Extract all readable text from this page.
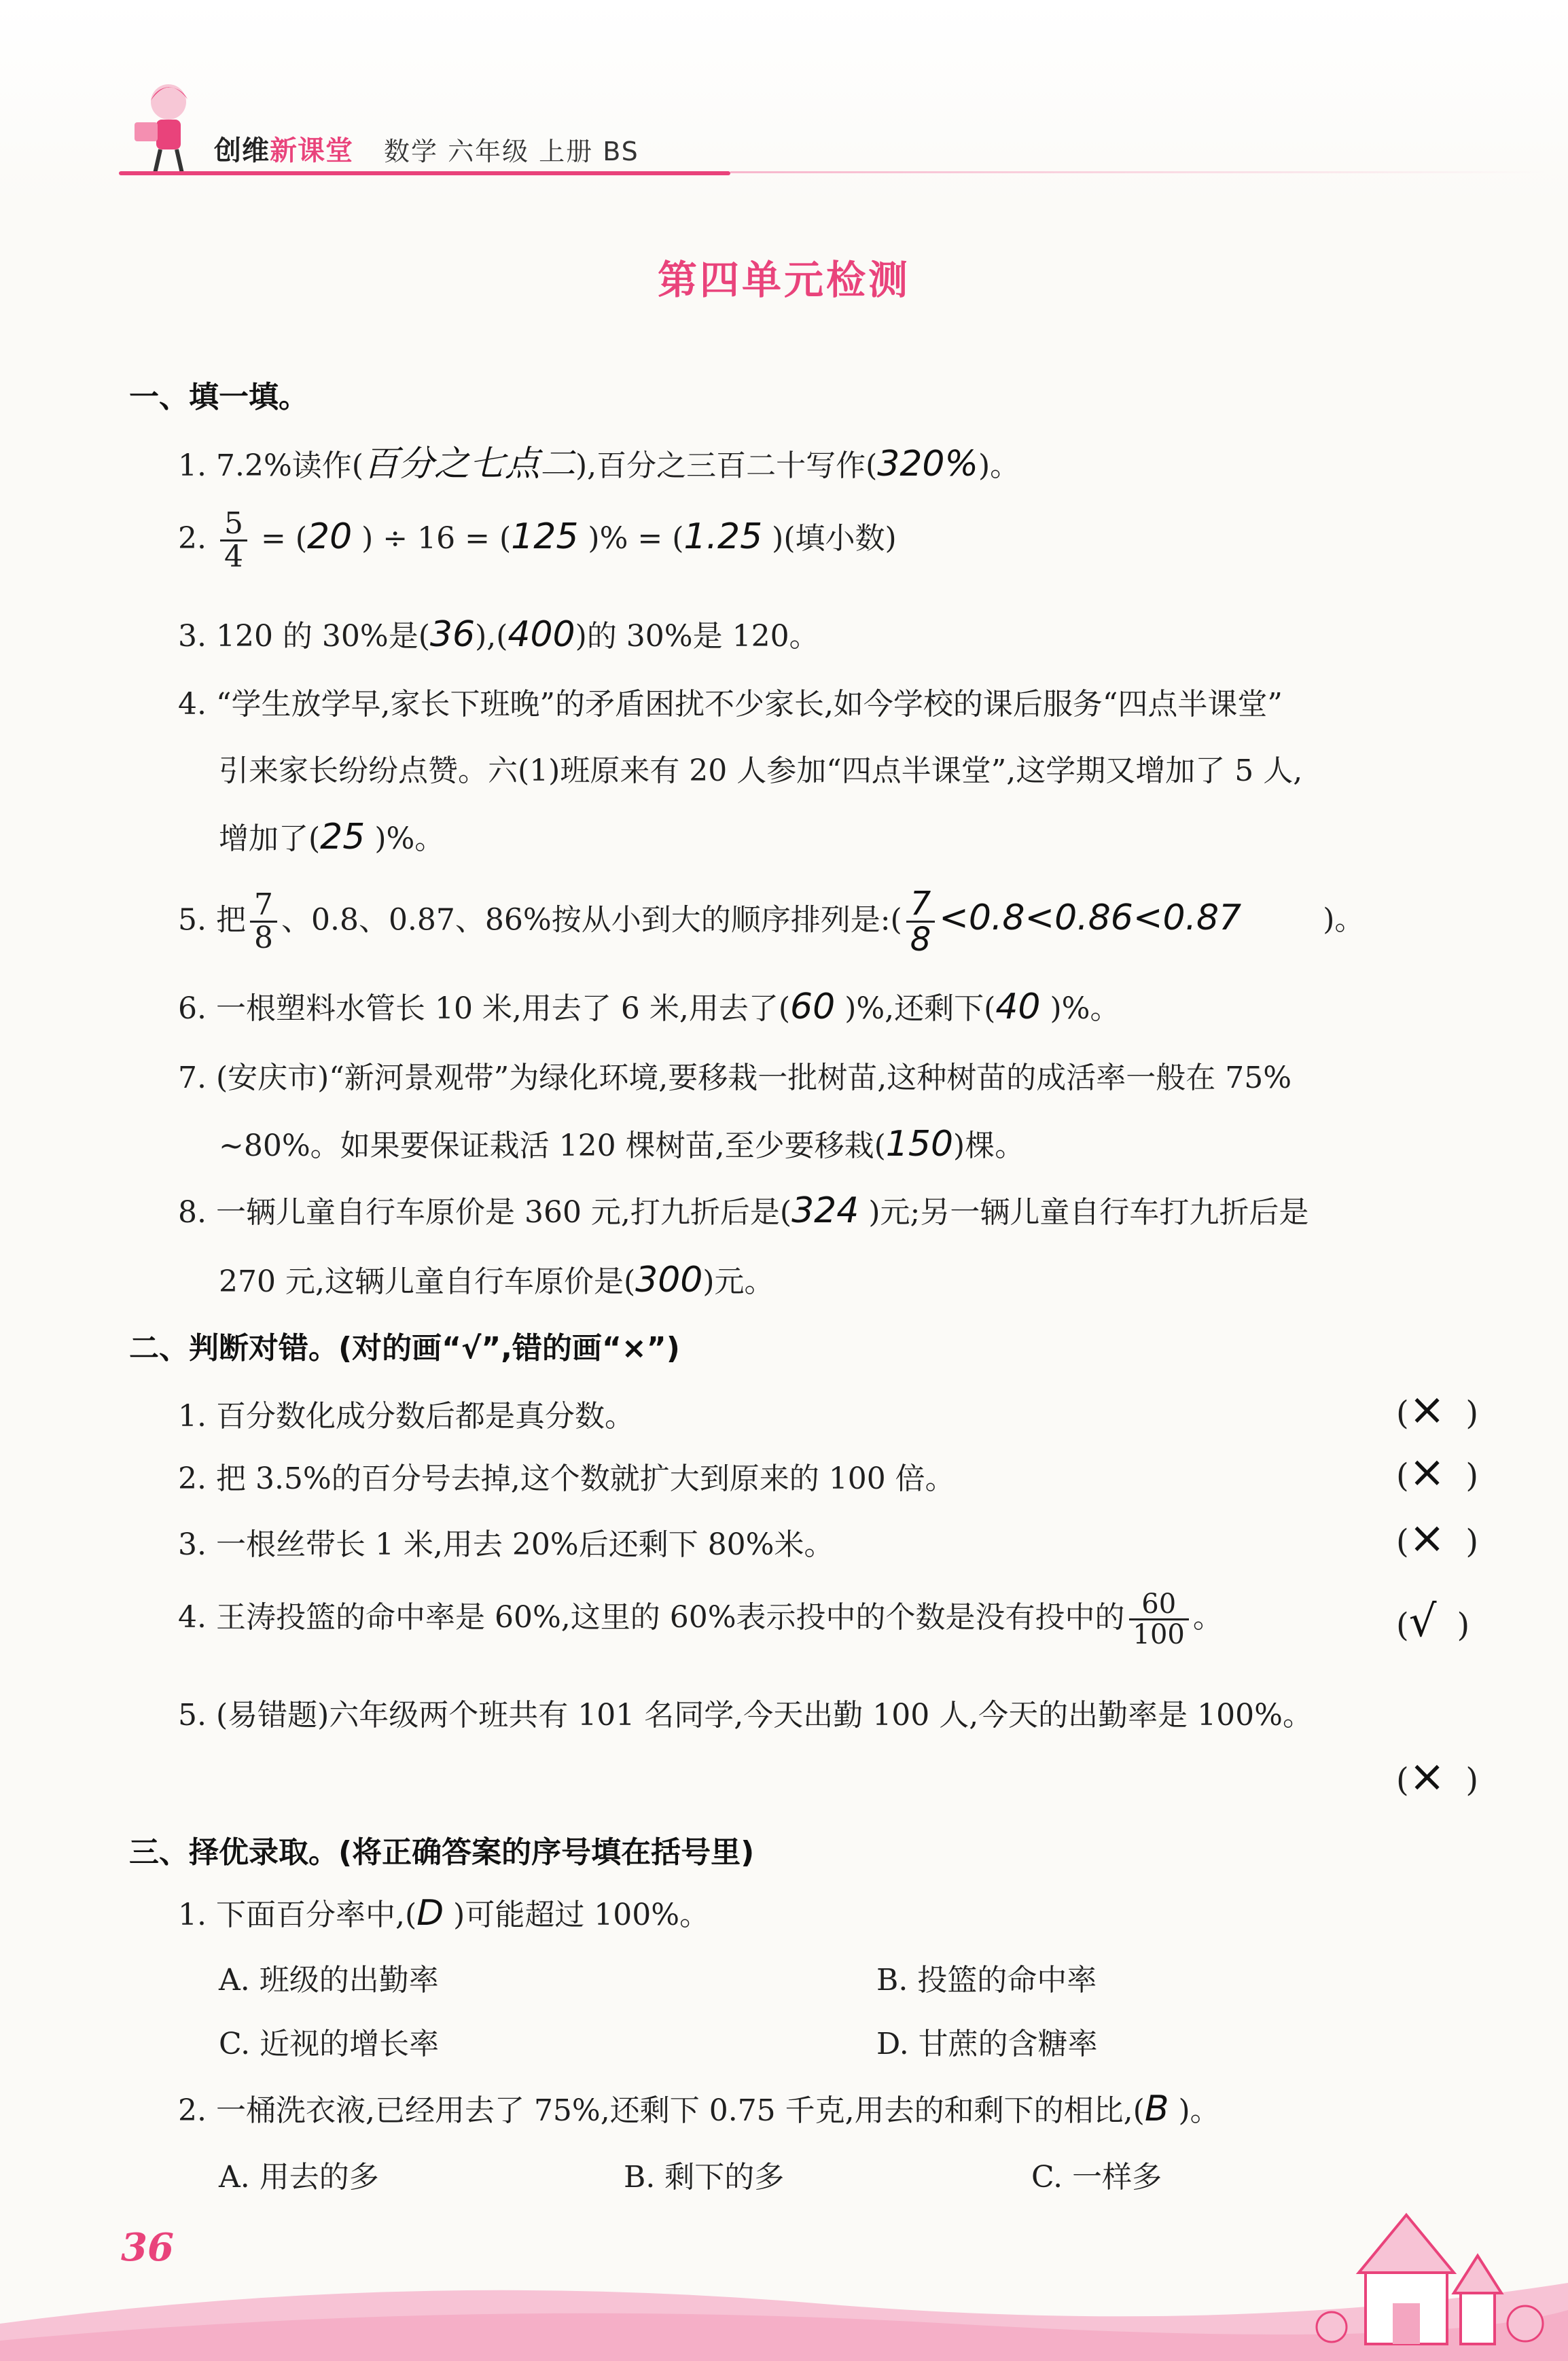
创维新课堂 数学 六年级 上册 BS
第四单元检测
一、填一填。
1. 7.2%读作(百分之七点二),百分之三百二十写作(320%)。
2. $\frac{5}{4} = (20$ ) ÷ 16 = (125 )% = (1.25 )(填小数)
3. 120 的 30%是(36),(400)的 30%是 120。
4. “学生放学早,家长下班晚”的矛盾困扰不少家长,如今学校的课后服务“四点半课堂”
引来家长纷纷点赞。六(1)班原来有 20 人参加“四点半课堂”,这学期又增加了 5 人,
增加了(25 )%。
5. 把 $\frac{7}{8}$ 、0.8、0.87、86%按从小到大的顺序排列是:( $\frac{7}{8} <0.8<0.86<0.87$	)。
6. 一根塑料水管长 10 米,用去了 6 米,用去了(60 )%,还剩下(40 )%。
7. (安庆市)“新河景观带”为绿化环境,要移栽一批树苗,这种树苗的成活率一般在 75%
~80%。如果要保证栽活 120 棵树苗,至少要移栽(150)棵。
8. 一辆儿童自行车原价是 360 元,打九折后是(324 )元;另一辆儿童自行车打九折后是
270 元,这辆儿童自行车原价是(300)元。
二、判断对错。(对的画“√”,错的画“×”)
1. 百分数化成分数后都是真分数。	(× )
2. 把 3.5%的百分号去掉,这个数就扩大到原来的 100 倍。	(× )
3. 一根丝带长 1 米,用去 20%后还剩下 80%米。	(× )
4. 王涛投篮的命中率是 60%,这里的 60%表示投中的个数是没有投中的 $\frac{60}{100}$ 。	(√ )
5. (易错题)六年级两个班共有 101 名同学,今天出勤 100 人,今天的出勤率是 100%。
(× )
三、择优录取。(将正确答案的序号填在括号里)
1. 下面百分率中,(D )可能超过 100%。
A. 班级的出勤率	B. 投篮的命中率
C. 近视的增长率	D. 甘蔗的含糖率
2. 一桶洗衣液,已经用去了 75%,还剩下 0.75 千克,用去的和剩下的相比,(B )。
A. 用去的多	B. 剩下的多	C. 一样多
36
